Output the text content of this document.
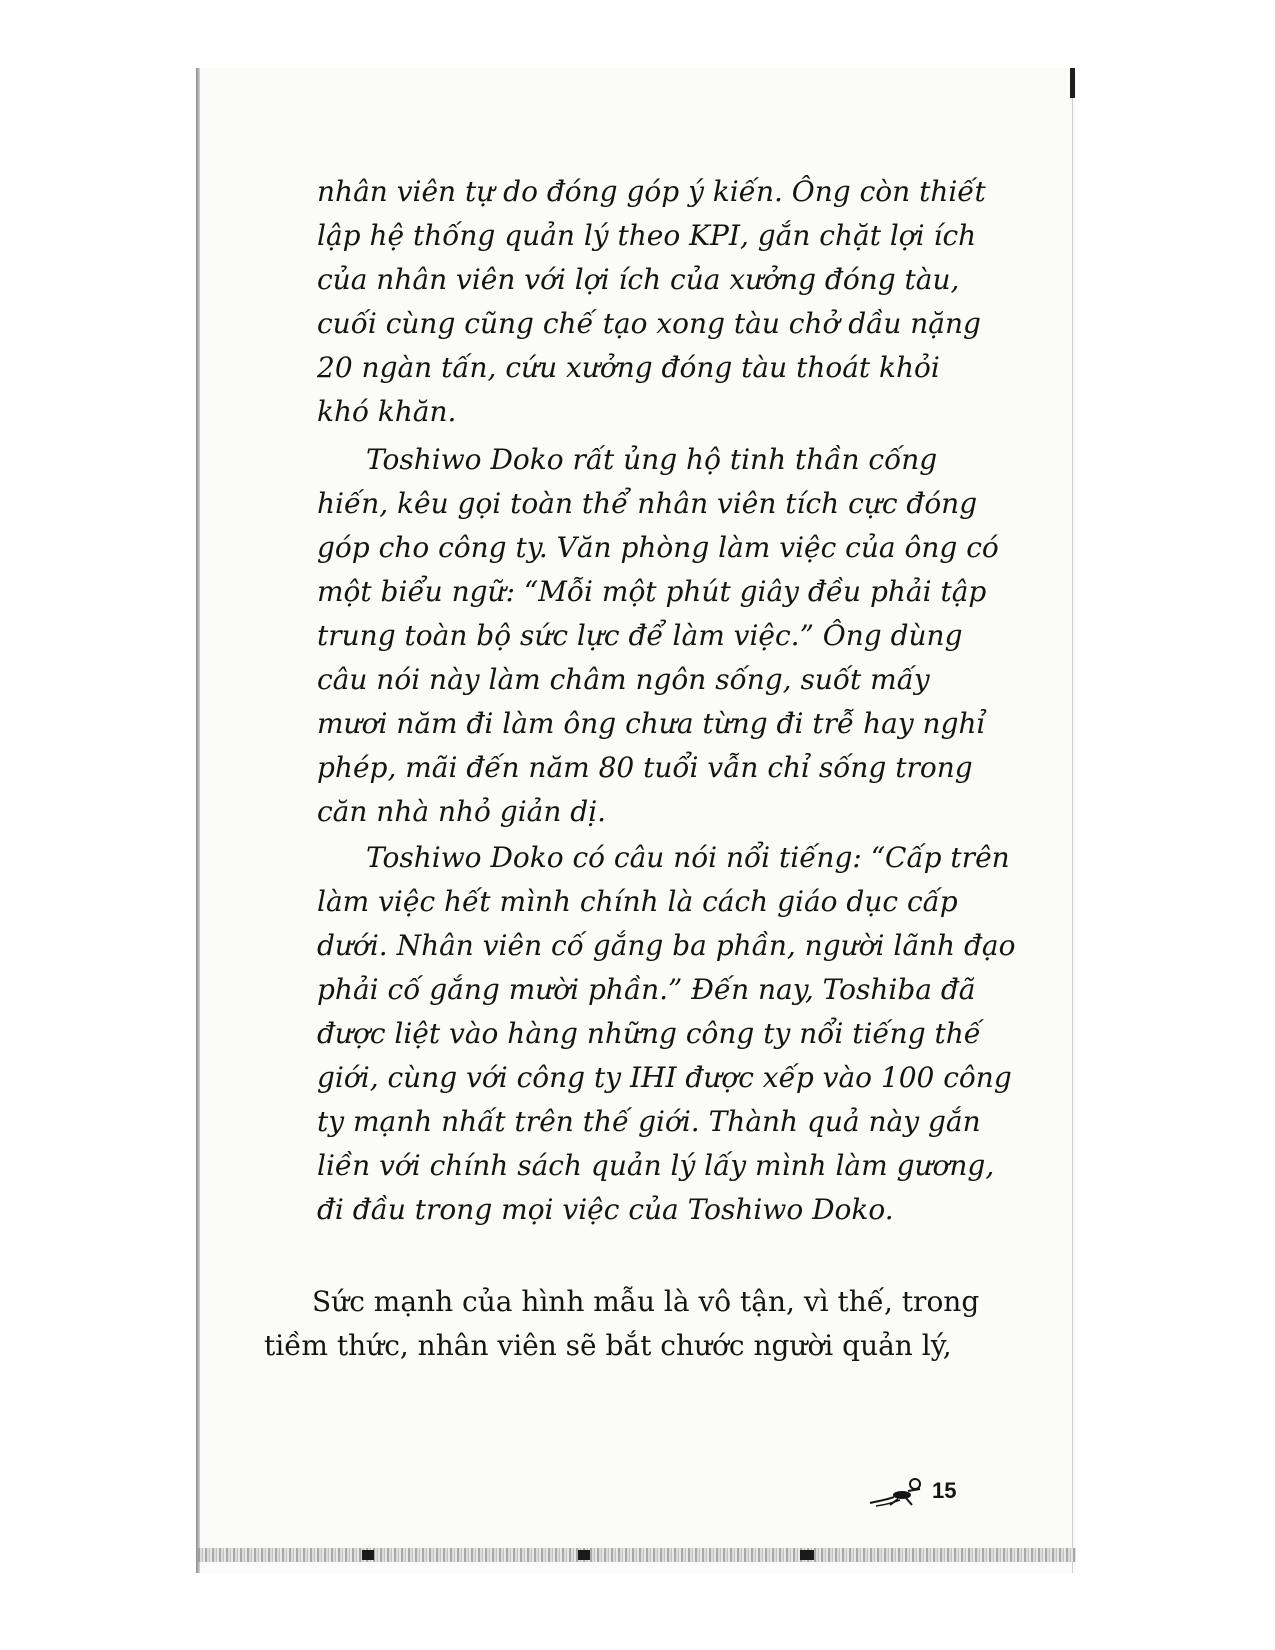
nhân viên tự do đóng góp ý kiến. Ông còn thiết
lập hệ thống quản lý theo KPI, gắn chặt lợi ích
của nhân viên với lợi ích của xưởng đóng tàu,
cuối cùng cũng chế tạo xong tàu chở dầu nặng
20 ngàn tấn, cứu xưởng đóng tàu thoát khỏi
khó khăn.
Toshiwo Doko rất ủng hộ tinh thần cống
hiến, kêu gọi toàn thể nhân viên tích cực đóng
góp cho công ty. Văn phòng làm việc của ông có
một biểu ngữ: “Mỗi một phút giây đều phải tập
trung toàn bộ sức lực để làm việc.” Ông dùng
câu nói này làm châm ngôn sống, suốt mấy
mươi năm đi làm ông chưa từng đi trễ hay nghỉ
phép, mãi đến năm 80 tuổi vẫn chỉ sống trong
căn nhà nhỏ giản dị.
Toshiwo Doko có câu nói nổi tiếng: “Cấp trên
làm việc hết mình chính là cách giáo dục cấp
dưới. Nhân viên cố gắng ba phần, người lãnh đạo
phải cố gắng mười phần.” Đến nay, Toshiba đã
được liệt vào hàng những công ty nổi tiếng thế
giới, cùng với công ty IHI được xếp vào 100 công
ty mạnh nhất trên thế giới. Thành quả này gắn
liền với chính sách quản lý lấy mình làm gương,
đi đầu trong mọi việc của Toshiwo Doko.
Sức mạnh của hình mẫu là vô tận, vì thế, trong
tiềm thức, nhân viên sẽ bắt chước người quản lý,
15
